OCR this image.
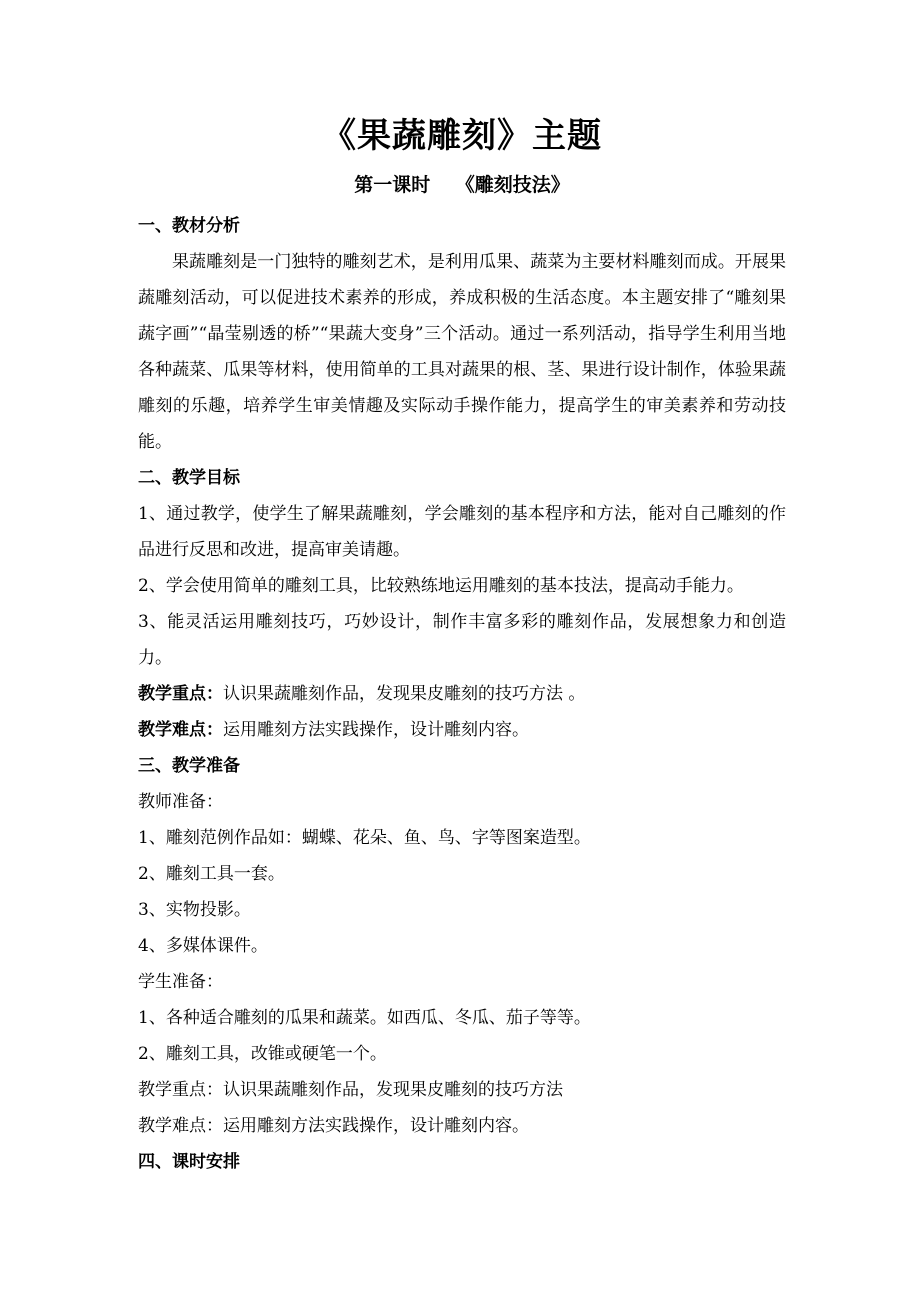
《果蔬雕刻》主题
第一课时　 《雕刻技法》
一、教材分析

果蔬雕刻是一门独特的雕刻艺术，是利用瓜果、蔬菜为主要材料雕刻而成。开展果蔬雕刻活动，可以促进技术素养的形成，养成积极的生活态度。本主题安排了“雕刻果蔬字画”“晶莹剔透的桥”“果蔬大变身”三个活动。通过一系列活动，指导学生利用当地各种蔬菜、瓜果等材料，使用简单的工具对蔬果的根、茎、果进行设计制作，体验果蔬雕刻的乐趣，培养学生审美情趣及实际动手操作能力，提高学生的审美素养和劳动技能。

二、教学目标

1、通过教学，使学生了解果蔬雕刻，学会雕刻的基本程序和方法，能对自己雕刻的作品进行反思和改进，提高审美请趣。

2、学会使用简单的雕刻工具，比较熟练地运用雕刻的基本技法，提高动手能力。

3、能灵活运用雕刻技巧，巧妙设计，制作丰富多彩的雕刻作品，发展想象力和创造力。

教学重点：认识果蔬雕刻作品，发现果皮雕刻的技巧方法 。

教学难点：运用雕刻方法实践操作，设计雕刻内容。

三、教学准备

教师准备：

1、雕刻范例作品如：蝴蝶、花朵、鱼、鸟、字等图案造型。

2、雕刻工具一套。

3、实物投影。

4、多媒体课件。

学生准备：

1、各种适合雕刻的瓜果和蔬菜。如西瓜、冬瓜、茄子等等。

2、雕刻工具，改锥或硬笔一个。

教学重点：认识果蔬雕刻作品，发现果皮雕刻的技巧方法

教学难点：运用雕刻方法实践操作，设计雕刻内容。

四、课时安排
